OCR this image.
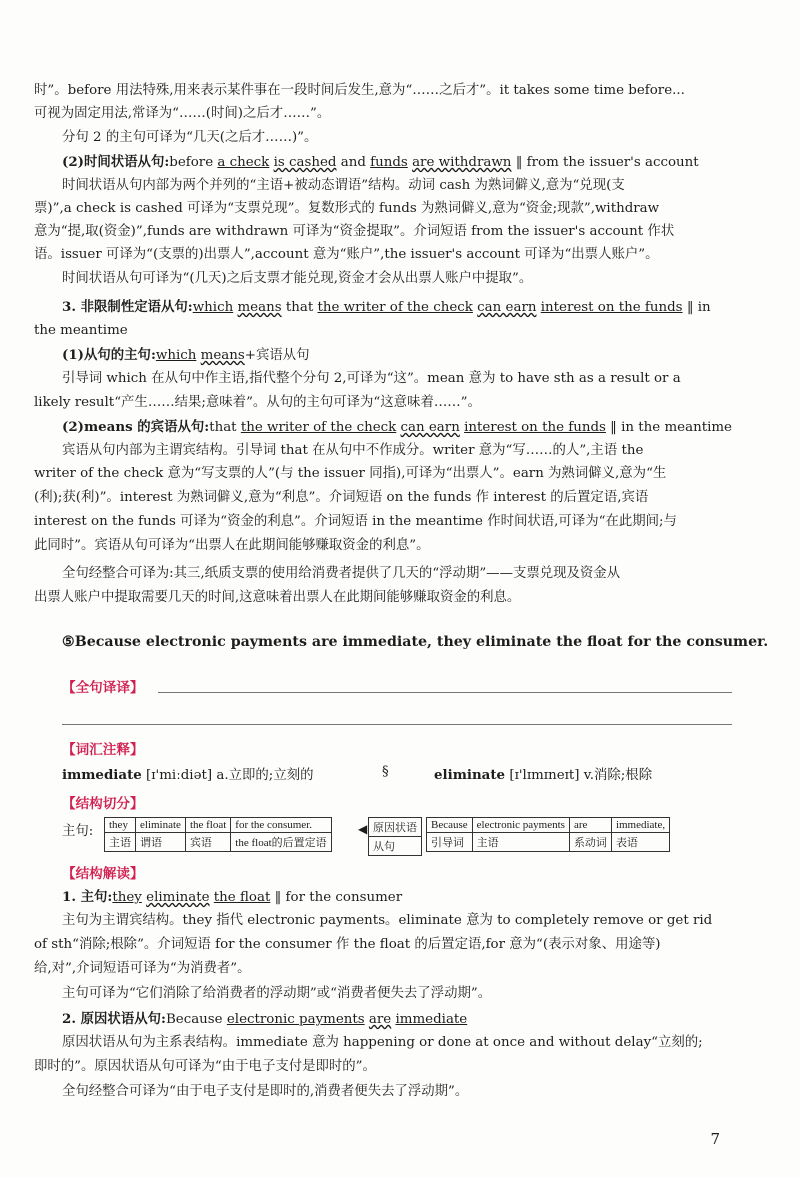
时”。before 用法特殊,用来表示某件事在一段时间后发生,意为“……之后才”。it takes some time before...

可视为固定用法,常译为“……(时间)之后才……”。

分句 2 的主句可译为“几天(之后才……)”。

(2)时间状语从句:before a check is cashed and funds are withdrawn ‖ from the issuer's account

时间状语从句内部为两个并列的“主语+被动态谓语”结构。动词 cash 为熟词僻义,意为“兑现(支

票)”,a check is cashed 可译为“支票兑现”。复数形式的 funds 为熟词僻义,意为“资金;现款”,withdraw

意为“提,取(资金)”,funds are withdrawn 可译为“资金提取”。介词短语 from the issuer's account 作状

语。issuer 可译为“(支票的)出票人”,account 意为“账户”,the issuer's account 可译为“出票人账户”。

时间状语从句可译为“(几天)之后支票才能兑现,资金才会从出票人账户中提取”。

3. 非限制性定语从句:which means that the writer of the check can earn interest on the funds ‖ in

the meantime

(1)从句的主句:which means+宾语从句

引导词 which 在从句中作主语,指代整个分句 2,可译为“这”。mean 意为 to have sth as a result or a

likely result“产生……结果;意味着”。从句的主句可译为“这意味着……”。

(2)means 的宾语从句:that the writer of the check can earn interest on the funds ‖ in the meantime

宾语从句内部为主谓宾结构。引导词 that 在从句中不作成分。writer 意为“写……的人”,主语 the

writer of the check 意为“写支票的人”(与 the issuer 同指),可译为“出票人”。earn 为熟词僻义,意为“生

(利);获(利)”。interest 为熟词僻义,意为“利息”。介词短语 on the funds 作 interest 的后置定语,宾语

interest on the funds 可译为“资金的利息”。介词短语 in the meantime 作时间状语,可译为“在此期间;与

此同时”。宾语从句可译为“出票人在此期间能够赚取资金的利息”。

全句经整合可译为:其三,纸质支票的使用给消费者提供了几天的“浮动期”——支票兑现及资金从

出票人账户中提取需要几天的时间,这意味着出票人在此期间能够赚取资金的利息。

⑤Because electronic payments are immediate, they eliminate the float for the consumer.
【全句译译】
【词汇注释】
immediate [ɪ'miːdiət] a.立即的;立刻的	§	eliminate [ɪ'lɪmɪneɪt] v.消除;根除
【结构切分】
主句: they	eliminate	the float	for the consumer.
主语	谓语	宾语	the float的后置定语
◀ 原因状语
从句
Because	electronic payments	are	immediate,
引导词	主语	系动词	表语
【结构解读】

1. 主句:they eliminate the float ‖ for the consumer

主句为主谓宾结构。they 指代 electronic payments。eliminate 意为 to completely remove or get rid

of sth“消除;根除”。介词短语 for the consumer 作 the float 的后置定语,for 意为“(表示对象、用途等)

给,对”,介词短语可译为“为消费者”。

主句可译为“它们消除了给消费者的浮动期”或“消费者便失去了浮动期”。

2. 原因状语从句:Because electronic payments are immediate

原因状语从句为主系表结构。immediate 意为 happening or done at once and without delay“立刻的;

即时的”。原因状语从句可译为“由于电子支付是即时的”。

全句经整合可译为“由于电子支付是即时的,消费者便失去了浮动期”。

7
